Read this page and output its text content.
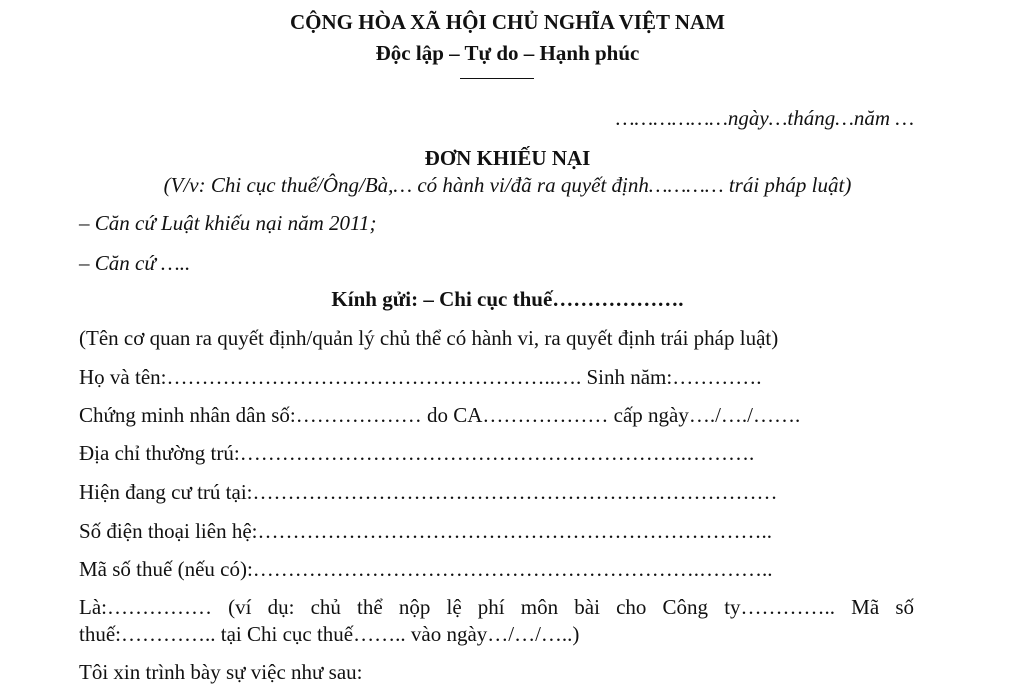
CỘNG HÒA XÃ HỘI CHỦ NGHĨA VIỆT NAM
Độc lập – Tự do – Hạnh phúc
………………ngày…tháng…năm …
ĐƠN KHIẾU NẠI
(V/v: Chi cục thuế/Ông/Bà,… có hành vi/đã ra quyết định………… trái pháp luật)
– Căn cứ Luật khiếu nại năm 2011;
– Căn cứ …..
Kính gửi: – Chi cục thuế……………….
(Tên cơ quan ra quyết định/quản lý chủ thể có hành vi, ra quyết định trái pháp luật)
Họ và tên:………………………………………………..…. Sinh năm:………….
Chứng minh nhân dân số:……………… do CA……………… cấp ngày…./…./…….
Địa chỉ thường trú:……………………………………………………….……….
Hiện đang cư trú tại:…………………………………………………………………
Số điện thoại liên hệ:………………………………………………………………..
Mã số thuế (nếu có):……………………………………………………….………..
Là:…………… (ví dụ: chủ thể nộp lệ phí môn bài cho Công ty………….. Mã số
thuế:………….. tại Chi cục thuế…….. vào ngày…/…/…..)
Tôi xin trình bày sự việc như sau:
